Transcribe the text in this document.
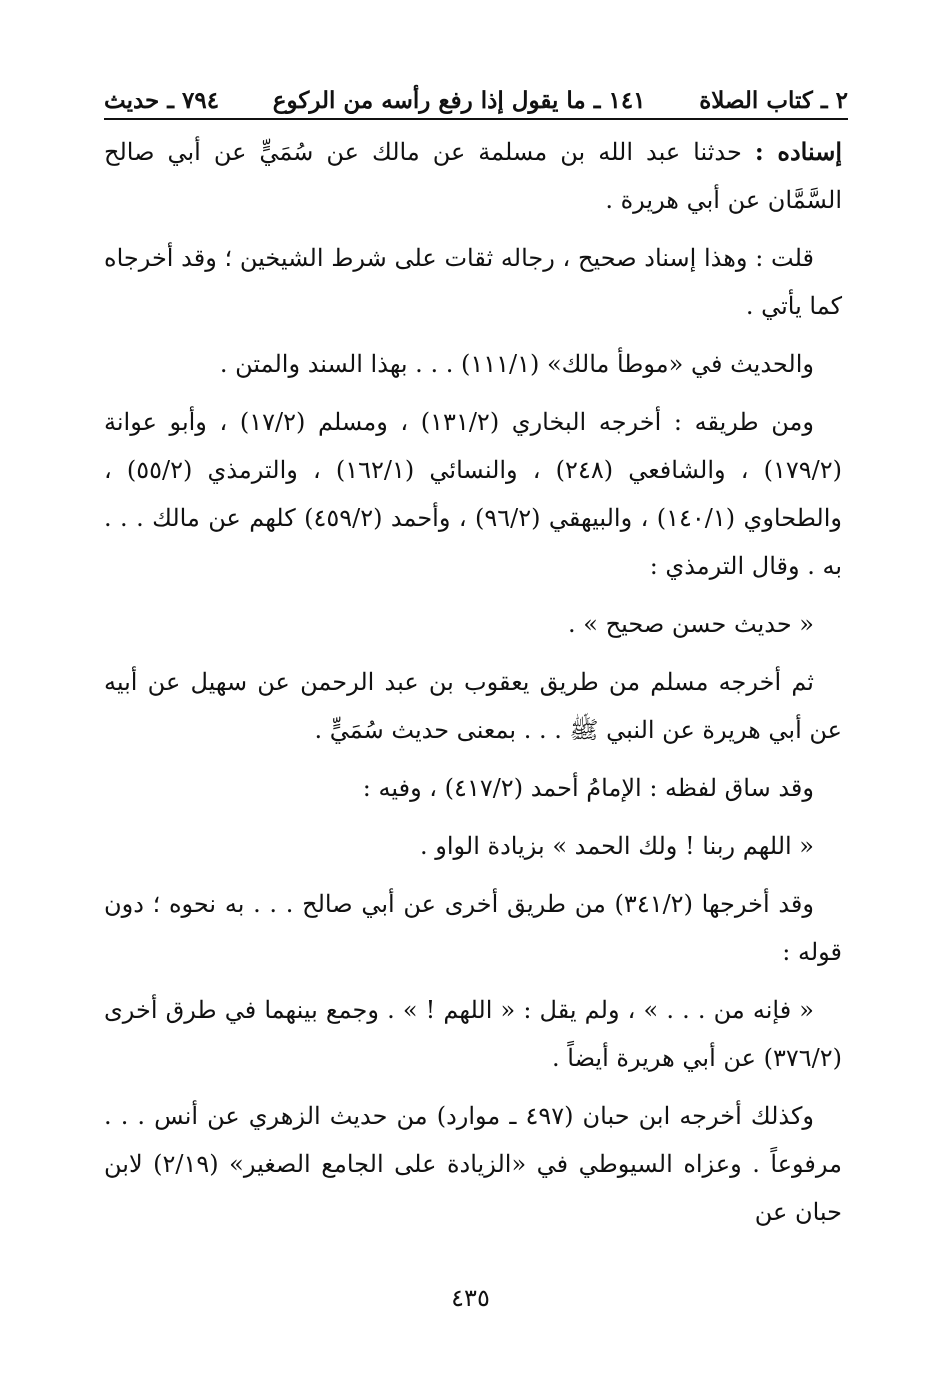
٢ ـ كتاب الصلاة
١٤١ ـ ما يقول إذا رفع رأسه من الركوع
٧٩٤ ـ حديث

إسناده : حدثنا عبد الله بن مسلمة عن مالك عن سُمَيٍّ عن أبي صالح السَّمَّان عن أبي هريرة .

قلت : وهذا إسناد صحيح ، رجاله ثقات على شرط الشيخين ؛ وقد أخرجاه كما يأتي .

والحديث في «موطأ مالك» (١١١/١) . . . بهذا السند والمتن .

ومن طريقه : أخرجه البخاري (١٣١/٢) ، ومسلم (١٧/٢) ، وأبو عوانة (١٧٩/٢) ، والشافعي (٢٤٨) ، والنسائي (١٦٢/١) ، والترمذي (٥٥/٢) ، والطحاوي (١٤٠/١) ، والبيهقي (٩٦/٢) ، وأحمد (٤٥٩/٢) كلهم عن مالك . . . به . وقال الترمذي :

« حديث حسن صحيح » .

ثم أخرجه مسلم من طريق يعقوب بن عبد الرحمن عن سهيل عن أبيه عن أبي هريرة عن النبي ﷺ . . . بمعنى حديث سُمَيٍّ .

وقد ساق لفظه : الإمامُ أحمد (٤١٧/٢) ، وفيه :

« اللهم ربنا ! ولك الحمد » بزيادة الواو .

وقد أخرجها (٣٤١/٢) من طريق أخرى عن أبي صالح . . . به نحوه ؛ دون قوله :

« فإنه من . . . » ، ولم يقل : « اللهم ! » . وجمع بينهما في طرق أخرى (٣٧٦/٢) عن أبي هريرة أيضاً .

وكذلك أخرجه ابن حبان (٤٩٧ ـ موارد) من حديث الزهري عن أنس . . . مرفوعاً . وعزاه السيوطي في «الزيادة على الجامع الصغير» (٢/١٩) لابن حبان عن

٤٣٥
